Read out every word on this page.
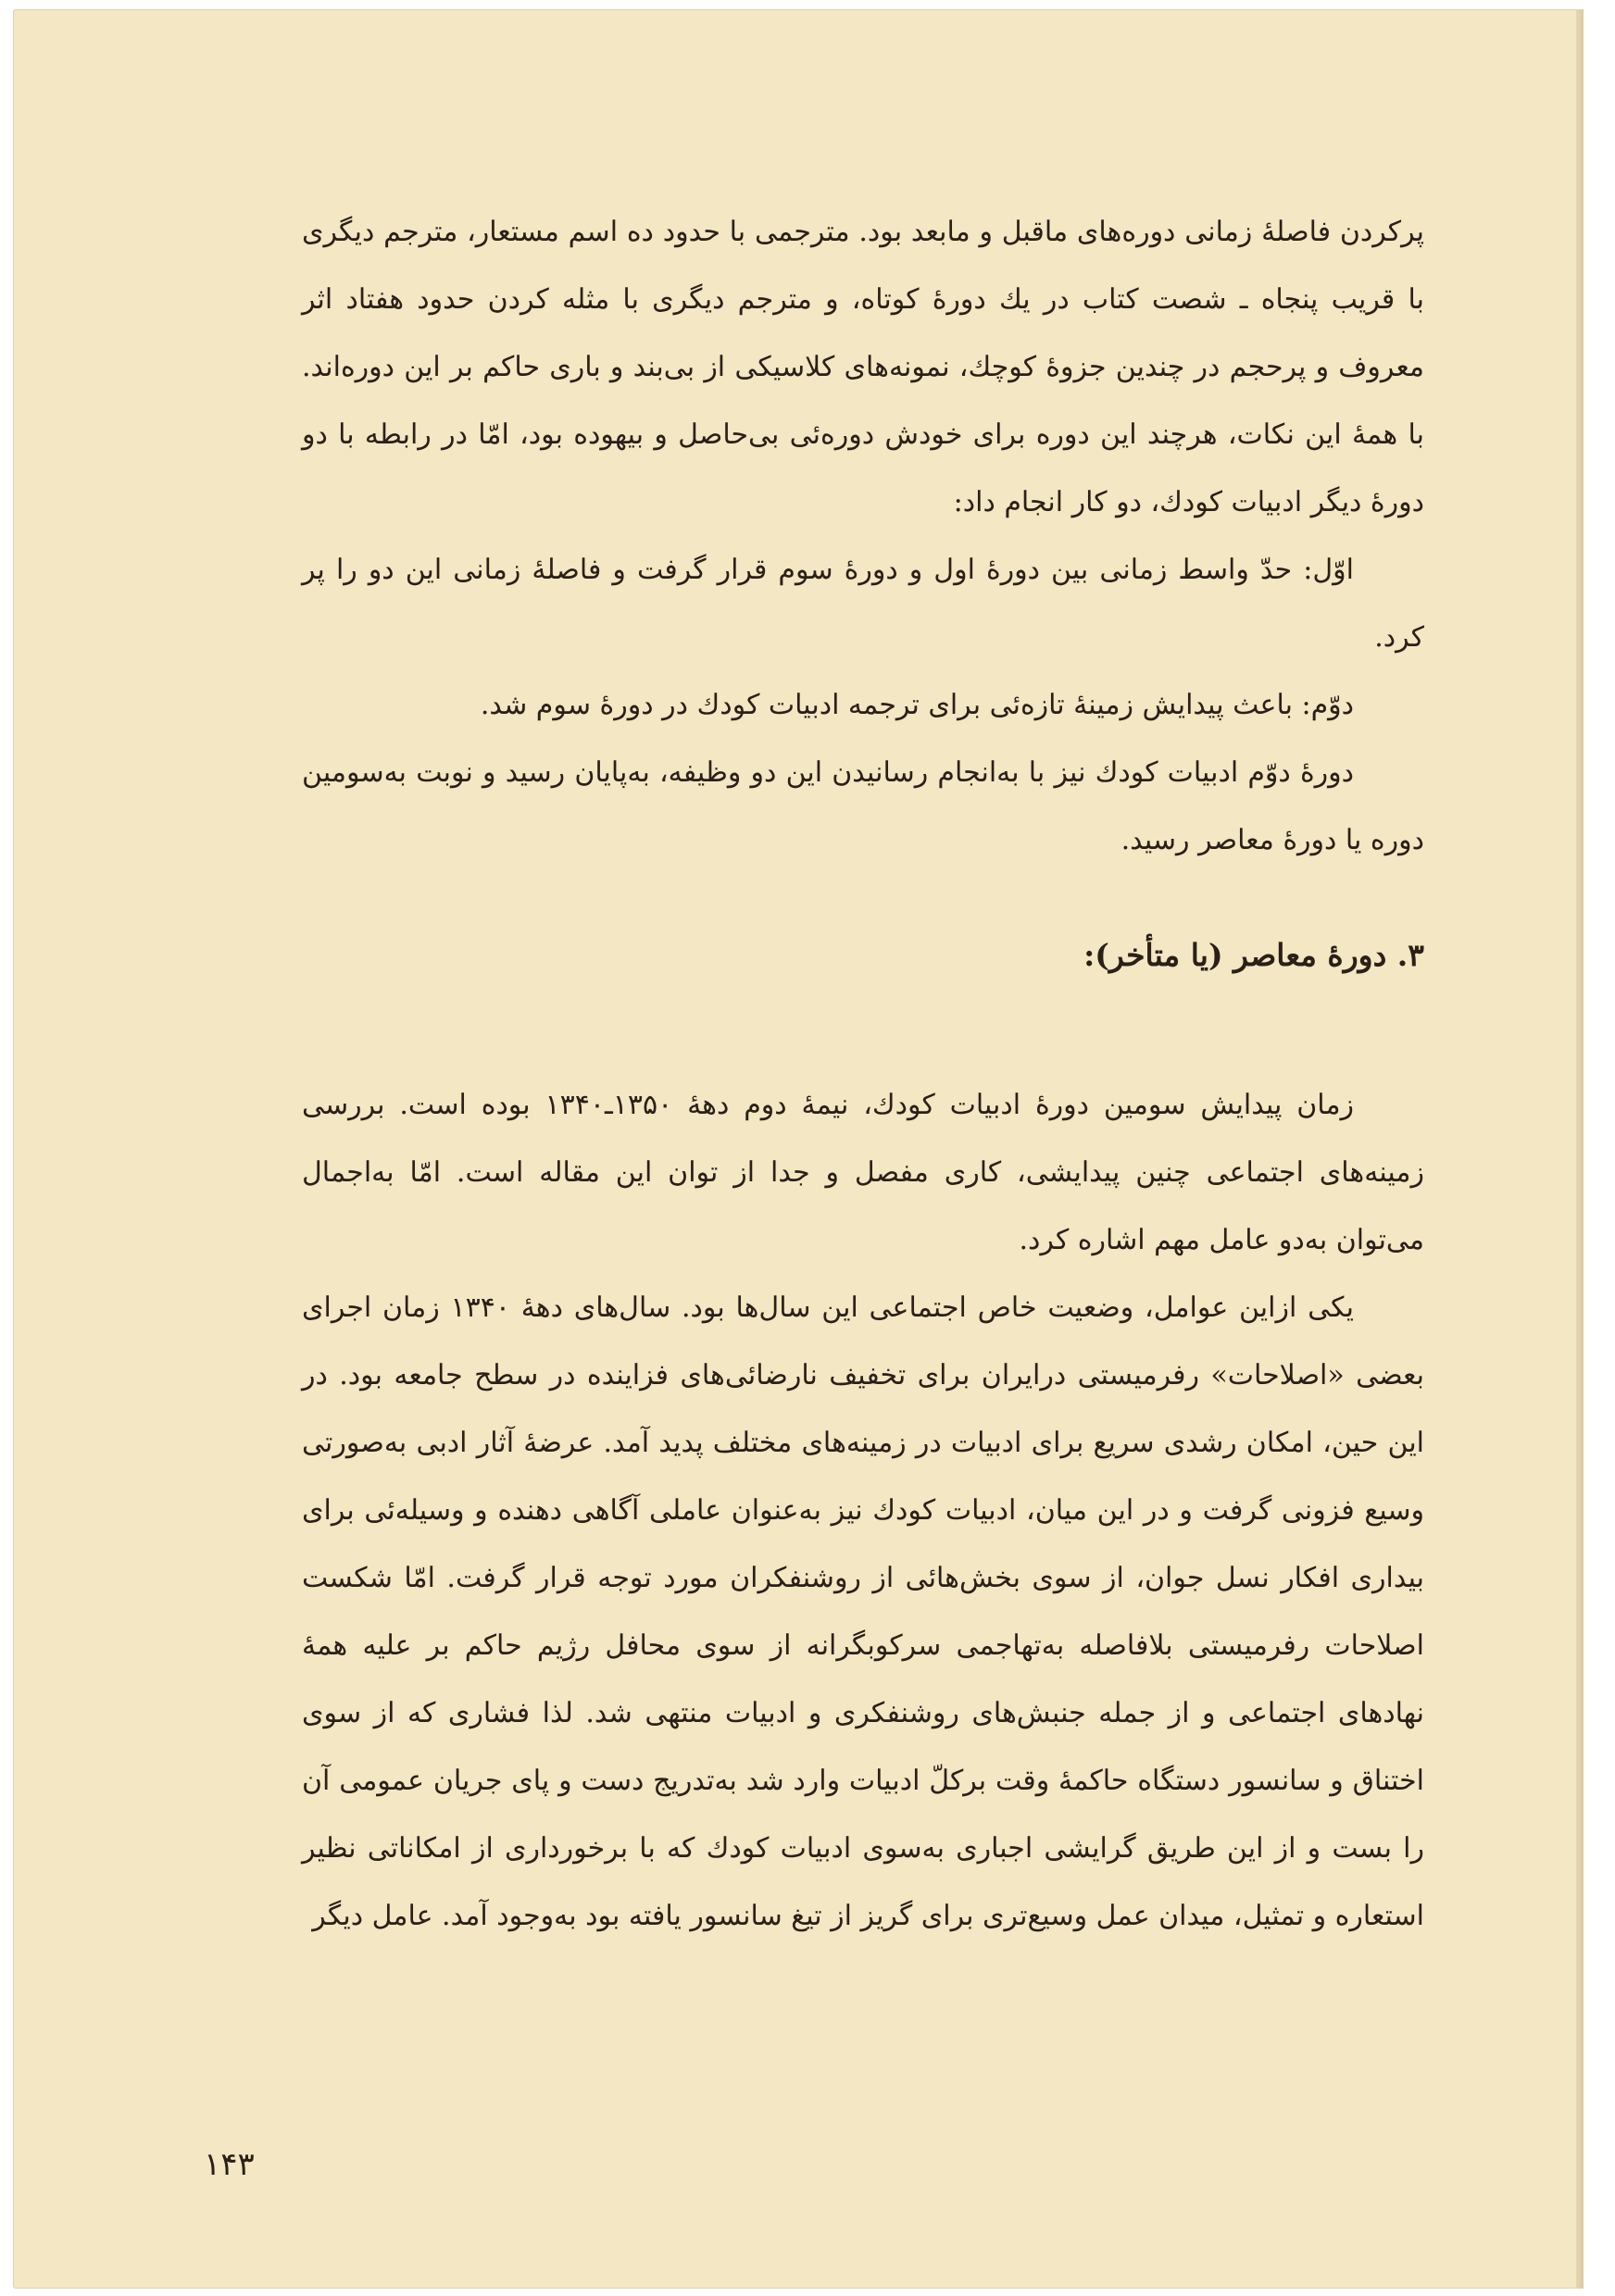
پرکردن فاصلهٔ زمانی دوره‌های ماقبل و مابعد بود. مترجمی با حدود ده اسم مستعار، مترجم دیگری با قریب پنجاه ـ شصت کتاب در یك دورهٔ کوتاه، و مترجم دیگری با مثله کردن حدود هفتاد اثر معروف و پرحجم در چندین جزوهٔ کوچك، نمونه‌های کلاسیکی از بی‌بند و باری حاکم بر این دوره‌اند. با همهٔ این نکات، هرچند این دوره برای خودش دوره‌ئی بی‌حاصل و بیهوده بود، امّا در رابطه با دو دورهٔ دیگر ادبیات کودك، دو کار انجام داد:

اوّل: حدّ واسط زمانی بین دورهٔ اول و دورهٔ سوم قرار گرفت و فاصلهٔ زمانی این دو را پر کرد.

دوّم: باعث پیدایش زمینهٔ تازه‌ئی برای ترجمه ادبیات کودك در دورهٔ سوم شد.

دورهٔ دوّم ادبیات کودك نیز با به‌انجام رسانیدن این دو وظیفه، به‌پایان رسید و نوبت به‌سومین دوره یا دورهٔ معاصر رسید.

۳. دورهٔ معاصر (یا متأخر):

زمان پیدایش سومین دورهٔ ادبیات کودك، نیمهٔ دوم دههٔ ۱۳۵۰ـ۱۳۴۰ بوده است. بررسی زمینه‌های اجتماعی چنین پیدایشی، کاری مفصل و جدا از توان این مقاله است. امّا به‌اجمال می‌توان به‌دو عامل مهم اشاره کرد.

یکی ازاین عوامل، وضعیت خاص اجتماعی این سال‌ها بود. سال‌های دههٔ ۱۳۴۰ زمان اجرای بعضی «اصلاحات» رفرمیستی درایران برای تخفیف نارضائی‌های فزاینده در سطح جامعه بود. در این حین، امکان رشدی سریع برای ادبیات در زمینه‌های مختلف پدید آمد. عرضهٔ آثار ادبی به‌صورتی وسیع فزونی گرفت و در این میان، ادبیات کودك نیز به‌عنوان عاملی آگاهی دهنده و وسیله‌ئی برای بیداری افکار نسل جوان، از سوی بخش‌هائی از روشنفکران مورد توجه قرار گرفت. امّا شکست اصلاحات رفرمیستی بلافاصله به‌تهاجمی سرکوبگرانه از سوی محافل رژیم حاکم بر علیه همهٔ نهادهای اجتماعی و از جمله جنبش‌های روشنفکری و ادبیات منتهی شد. لذا فشاری که از سوی اختناق و سانسور دستگاه حاکمهٔ وقت برکلّ ادبیات وارد شد به‌تدریج دست و پای جریان عمومی آن را بست و از این طریق گرایشی اجباری به‌سوی ادبیات کودك که با برخورداری از امکاناتی نظیر استعاره و تمثیل، میدان عمل وسیع‌تری برای گریز از تیغ سانسور یافته بود به‌وجود آمد. عامل دیگر

۱۴۳
